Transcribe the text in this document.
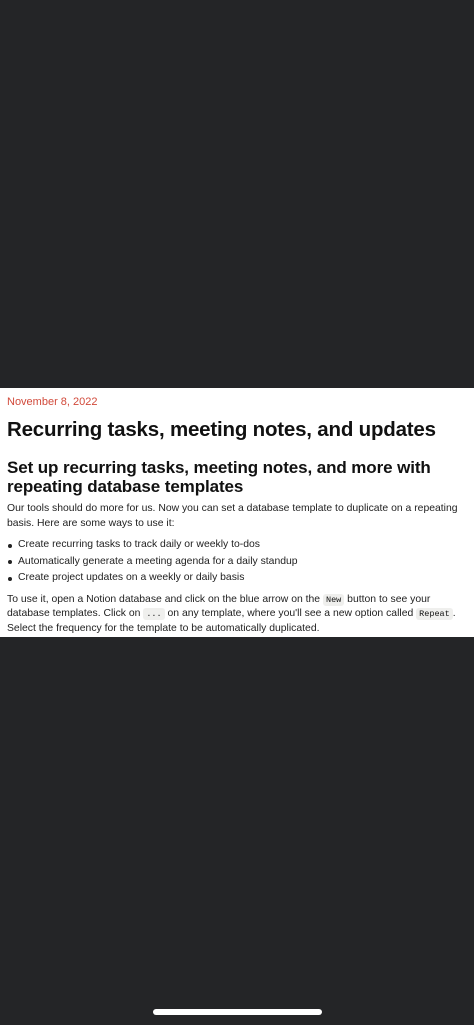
November 8, 2022
Recurring tasks, meeting notes, and updates
Set up recurring tasks, meeting notes, and more with repeating database templates

Our tools should do more for us. Now you can set a database template to duplicate on a repeating basis. Here are some ways to use it:

Create recurring tasks to track daily or weekly to-dos
Automatically generate a meeting agenda for a daily standup
Create project updates on a weekly or daily basis

To use it, open a Notion database and click on the blue arrow on the New button to see your database templates. Click on ... on any template, where you'll see a new option called Repeat . Select the frequency for the template to be automatically duplicated.
